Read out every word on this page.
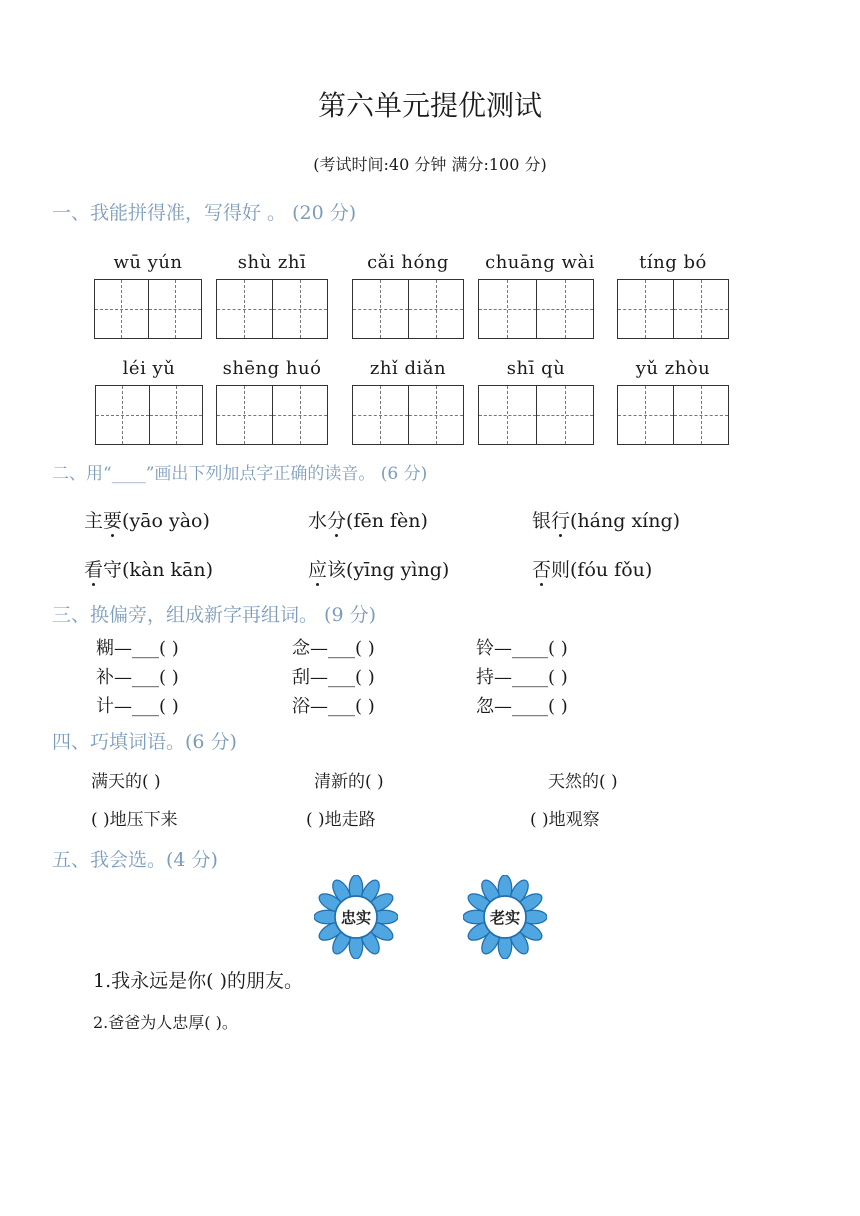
第六单元提优测试
(考试时间:40 分钟 满分:100 分)
一、我能拼得准，写得好 。 (20 分)
wū yún	shù zhī	cǎi hóng	chuāng wài	tíng bó
léi yǔ	shēng huó	zhǐ diǎn	shī qù	yǔ zhòu
二、用“____”画出下列加点字正确的读音。 (6 分)
主要(yāo yào)	水分(fēn fèn)	银行(háng xíng)
看守(kàn kān)	应该(yīng yìng)	否则(fóu fǒu)
三、换偏旁，组成新字再组词。 (9 分)
糊—___( )	念—___( )	铃—____( )
补—___( )	刮—___( )	持—____( )
计—___( )	浴—___( )	忽—____( )
四、巧填词语。(6 分)
满天的( )	清新的( )	天然的( )
( )地压下来	( )地走路	( )地观察
五、我会选。(4 分)
忠实	老实
1.我永远是你( )的朋友。
2.爸爸为人忠厚( )。
